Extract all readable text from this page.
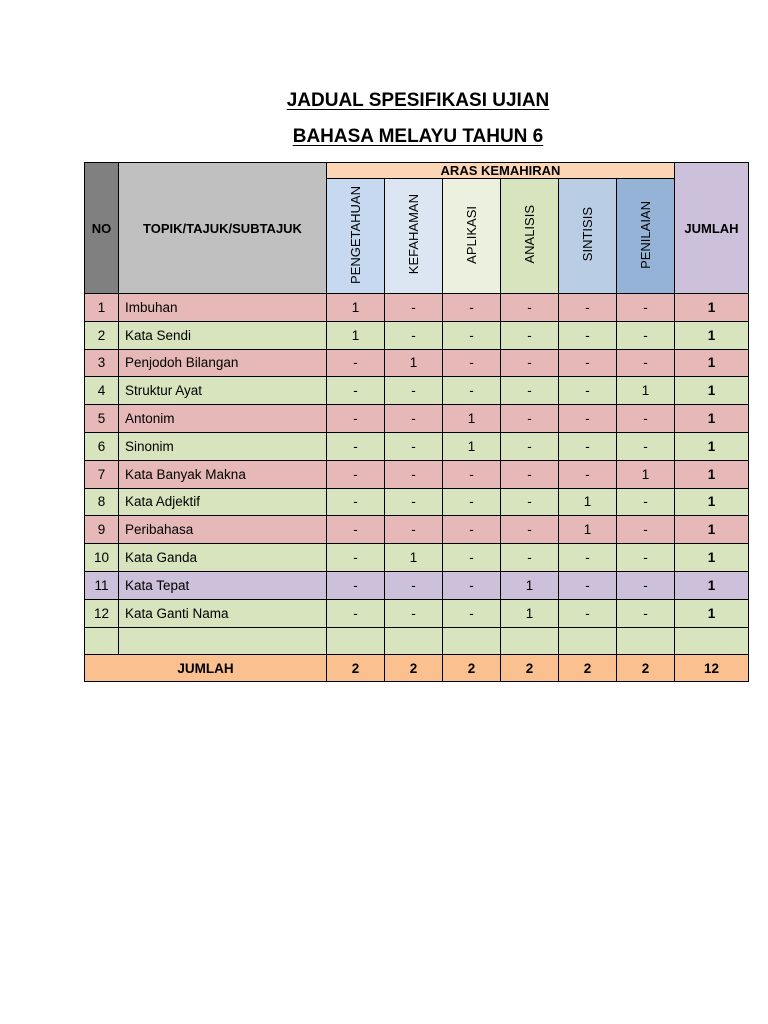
JADUAL SPESIFIKASI UJIAN
BAHASA MELAYU TAHUN 6
NO	TOPIK/TAJUK/SUBTAJUK	ARAS KEMAHIRAN						JUMLAH
		PENGETAHUAN	KEFAHAMAN	APLIKASI	ANALISIS	SINTISIS	PENILAIAN	
1	Imbuhan	1	-	-	-	-	-	1
2	Kata Sendi	1	-	-	-	-	-	1
3	Penjodoh Bilangan	-	1	-	-	-	-	1
4	Struktur Ayat	-	-	-	-	-	1	1
5	Antonim	-	-	1	-	-	-	1
6	Sinonim	-	-	1	-	-	-	1
7	Kata Banyak Makna	-	-	-	-	-	1	1
8	Kata Adjektif	-	-	-	-	1	-	1
9	Peribahasa	-	-	-	-	1	-	1
10	Kata Ganda	-	1	-	-	-	-	1
11	Kata Tepat	-	-	-	1	-	-	1
12	Kata Ganti Nama	-	-	-	1	-	-	1

JUMLAH		2	2	2	2	2	2	12
